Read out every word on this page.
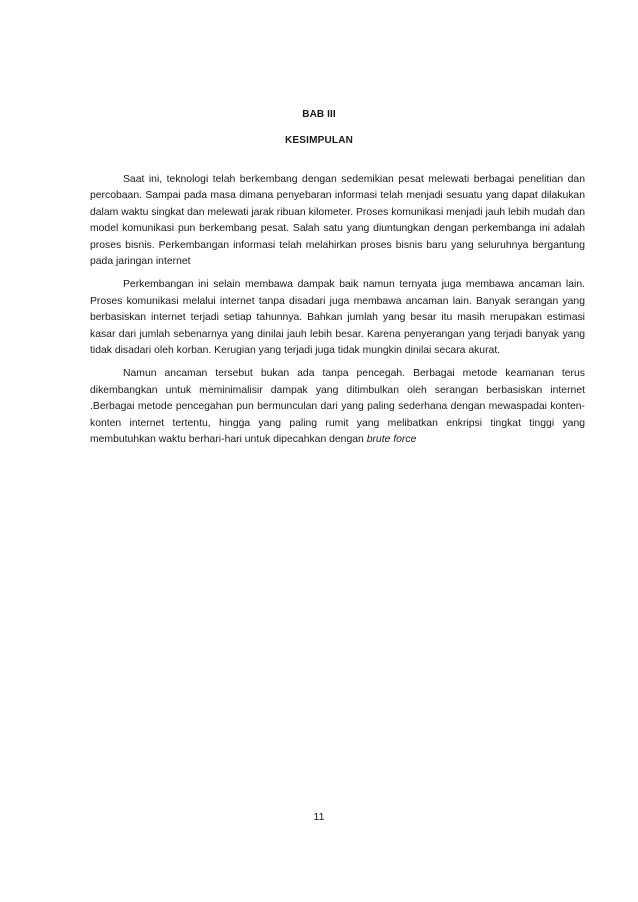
BAB III
KESIMPULAN

Saat ini, teknologi telah berkembang dengan sedemikian pesat melewati berbagai penelitian dan percobaan. Sampai pada masa dimana penyebaran informasi telah menjadi sesuatu yang dapat dilakukan dalam waktu singkat dan melewati jarak ribuan kilometer. Proses komunikasi menjadi jauh lebih mudah dan model komunikasi pun berkembang pesat. Salah satu yang diuntungkan dengan perkembanga ini adalah proses bisnis. Perkembangan informasi telah melahirkan proses bisnis baru yang seluruhnya bergantung pada jaringan internet

Perkembangan ini selain membawa dampak baik namun ternyata juga membawa ancaman lain. Proses komunikasi melalui internet tanpa disadari juga membawa ancaman lain. Banyak serangan yang berbasiskan internet terjadi setiap tahunnya. Bahkan jumlah yang besar itu masih merupakan estimasi kasar dari jumlah sebenarnya yang dinilai jauh lebih besar. Karena penyerangan yang terjadi banyak yang tidak disadari oleh korban. Kerugian yang terjadi juga tidak mungkin dinilai secara akurat.

Namun ancaman tersebut bukan ada tanpa pencegah. Berbagai metode keamanan terus dikembangkan untuk meminimalisir dampak yang ditimbulkan oleh serangan berbasiskan internet .Berbagai metode pencegahan pun bermunculan dari yang paling sederhana dengan mewaspadai konten-konten internet tertentu, hingga yang paling rumit yang melibatkan enkripsi tingkat tinggi yang membutuhkan waktu berhari-hari untuk dipecahkan dengan brute force

11
